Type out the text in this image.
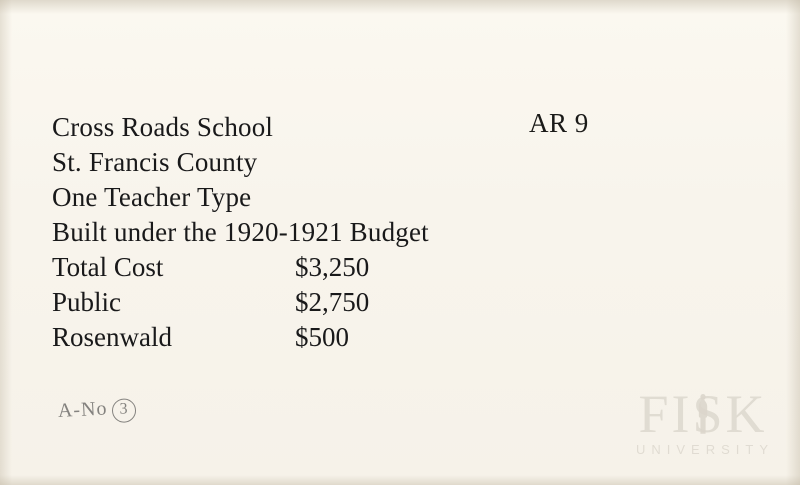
AR 9
Cross Roads School
St. Francis County
One Teacher Type
Built under the 1920-1921 Budget
Total Cost	$3,250
Public	$2,750
Rosenwald	$500
A-No 3	FISK
UNIVERSITY
